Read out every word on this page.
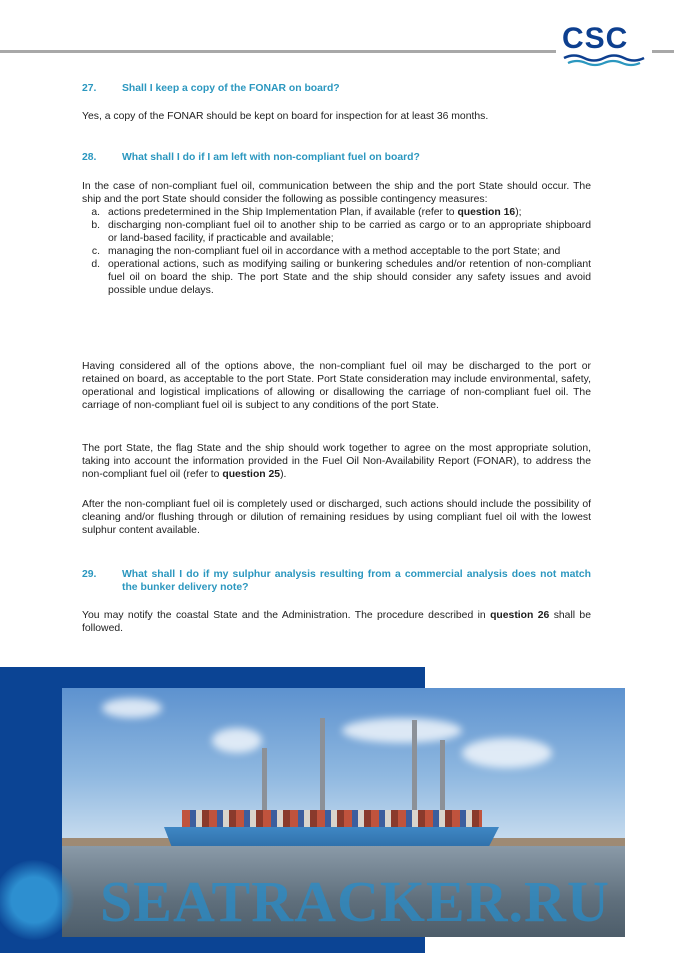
CSC
27. Shall I keep a copy of the FONAR on board?
Yes, a copy of the FONAR should be kept on board for inspection for at least 36 months.
28. What shall I do if I am left with non-compliant fuel on board?
In the case of non-compliant fuel oil, communication between the ship and the port State should occur. The ship and the port State should consider the following as possible contingency measures:
a. actions predetermined in the Ship Implementation Plan, if available (refer to question 16);
b. discharging non-compliant fuel oil to another ship to be carried as cargo or to an appropriate shipboard or land-based facility, if practicable and available;
c. managing the non-compliant fuel oil in accordance with a method acceptable to the port State; and
d. operational actions, such as modifying sailing or bunkering schedules and/or retention of non-compliant fuel oil on board the ship. The port State and the ship should consider any safety issues and avoid possible undue delays.
Having considered all of the options above, the non-compliant fuel oil may be discharged to the port or retained on board, as acceptable to the port State. Port State consideration may include environmental, safety, operational and logistical implications of allowing or disallowing the carriage of non-compliant fuel oil. The carriage of non-compliant fuel oil is subject to any conditions of the port State.
The port State, the flag State and the ship should work together to agree on the most appropriate solution, taking into account the information provided in the Fuel Oil Non-Availability Report (FONAR), to address the non-compliant fuel oil (refer to question 25).
After the non-compliant fuel oil is completely used or discharged, such actions should include the possibility of cleaning and/or flushing through or dilution of remaining residues by using compliant fuel oil with the lowest sulphur content available.
29.	What shall I do if my sulphur analysis resulting from a commercial analysis does not match the bunker delivery note?
You may notify the coastal State and the Administration. The procedure described in question 26 shall be followed.
SEATRACKER.RU
